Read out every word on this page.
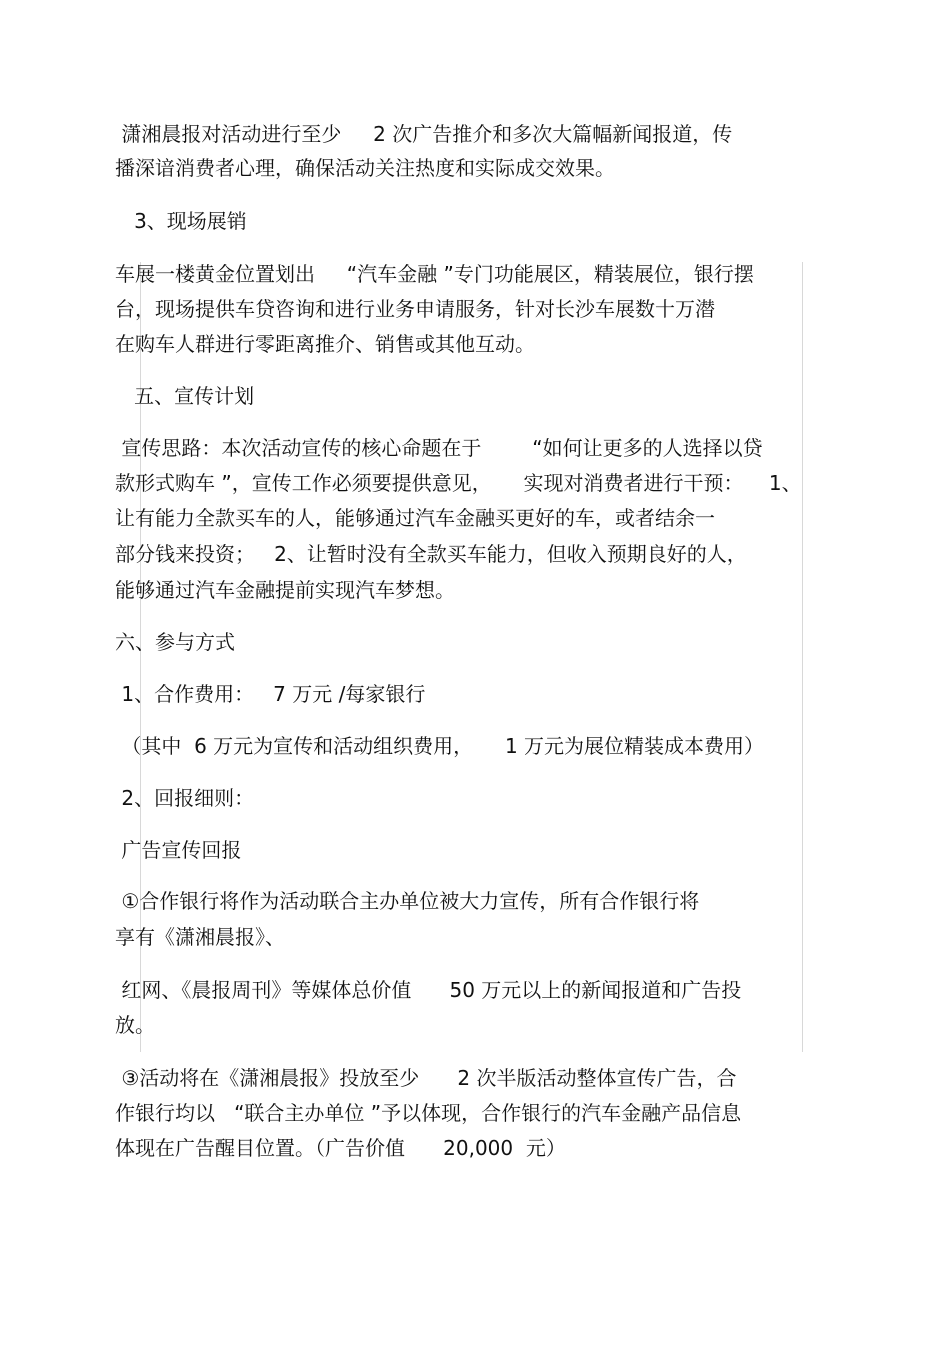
潇湘晨报对活动进行至少     2 次广告推介和多次大篇幅新闻报道，传
播深谙消费者心理，确保活动关注热度和实际成交效果。
3、现场展销
车展一楼黄金位置划出     “汽车金融 ”专门功能展区，精装展位，银行摆
台，现场提供车贷咨询和进行业务申请服务，针对长沙车展数十万潜
在购车人群进行零距离推介、销售或其他互动。
五、宣传计划
宣传思路：本次活动宣传的核心命题在于        “如何让更多的人选择以贷
款形式购车 ”，宣传工作必须要提供意见，     实现对消费者进行干预：    1、
让有能力全款买车的人，能够通过汽车金融买更好的车，或者结余一
部分钱来投资；   2、让暂时没有全款买车能力，但收入预期良好的人，
能够通过汽车金融提前实现汽车梦想。
六、参与方式
1、合作费用：   7 万元 /每家银行
（其中  6 万元为宣传和活动组织费用，     1 万元为展位精装成本费用）
2、回报细则：
广告宣传回报
①合作银行将作为活动联合主办单位被大力宣传，所有合作银行将
享有《潇湘晨报》、
红网、《晨报周刊》等媒体总价值      50 万元以上的新闻报道和广告投
放。
③活动将在《潇湘晨报》投放至少      2 次半版活动整体宣传广告，合
作银行均以   “联合主办单位 ”予以体现，合作银行的汽车金融产品信息
体现在广告醒目位置。（广告价值      20,000  元）
